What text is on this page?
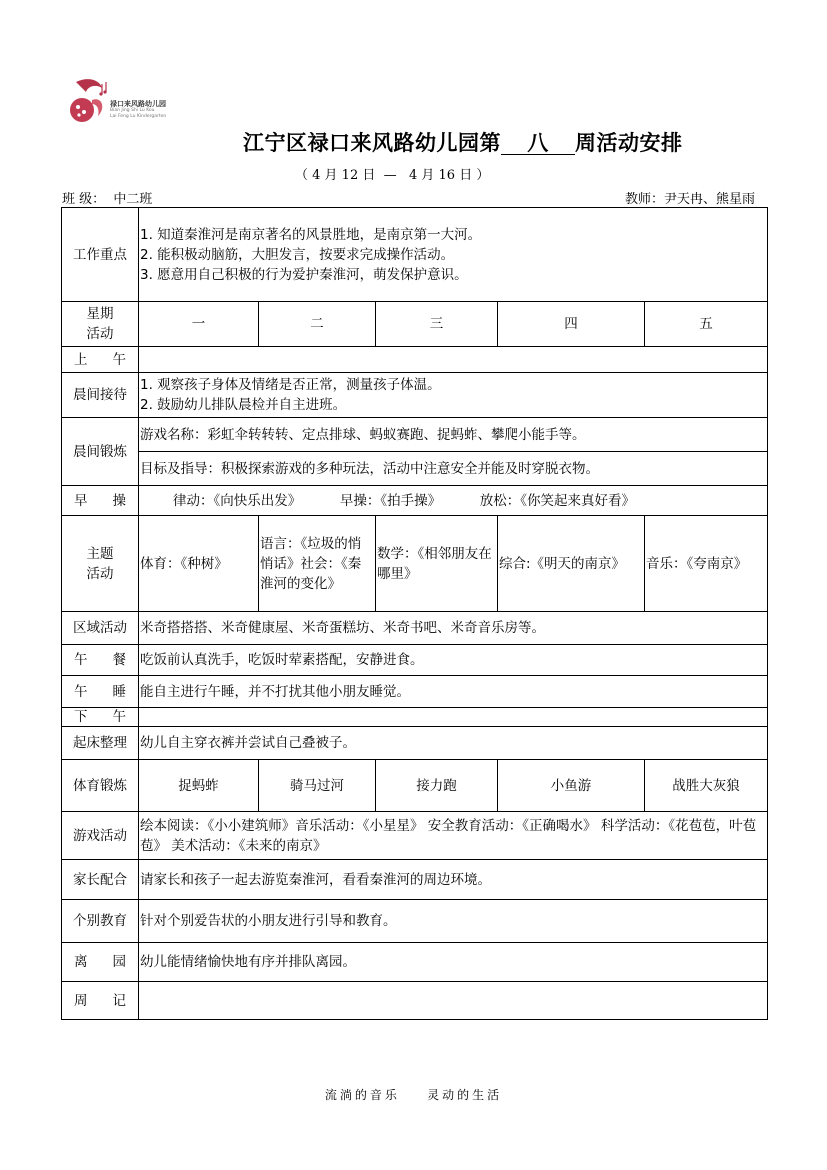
禄口来风路幼儿园
Bian Jing Shi Lu Kou
Lai Feng Lu Kindergarten
江宁区禄口来风路幼儿园第 八 周活动安排
（ 4 月 12 日  —   4 月 16 日 ）
班 级： 中二班	教师：尹天冉、熊星雨
工作重点	1. 知道秦淮河是南京著名的风景胜地，是南京第一大河。
2. 能积极动脑筋，大胆发言，按要求完成操作活动。
3. 愿意用自己积极的行为爱护秦淮河，萌发保护意识。				

星期
活动	一	二	三	四	五
上 午					
晨间接待	1. 观察孩子身体及情绪是否正常，测量孩子体温。
2. 鼓励幼儿排队晨检并自主进班。				

晨间锻炼	游戏名称：彩虹伞转转转、定点排球、蚂蚁赛跑、捉蚂蚱、攀爬小能手等。				
	目标及指导：积极探索游戏的多种玩法，活动中注意安全并能及时穿脱衣物。				
早 操	律动：《向快乐出发》         早操：《拍手操》         放松：《你笑起来真好看》				

主题
活动	体育：《种树》	语言：《垃圾的悄悄话》社会：《秦淮河的变化》	数学：《相邻朋友在哪里》	综合:《明天的南京》	音乐：《夸南京》
区域活动	米奇搭搭搭、米奇健康屋、米奇蛋糕坊、米奇书吧、米奇音乐房等。				
午 餐	吃饭前认真洗手，吃饭时荤素搭配，安静进食。				
午 睡	能自主进行午睡，并不打扰其他小朋友睡觉。				
下 午					
起床整理	幼儿自主穿衣裤并尝试自己叠被子。				
体育锻炼	捉蚂蚱	骑马过河	接力跑	小鱼游	战胜大灰狼
游戏活动	绘本阅读：《小小建筑师》音乐活动：《小星星》 安全教育活动：《正确喝水》 科学活动：《花苞苞，叶苞苞》 美术活动：《未来的南京》				
家长配合	请家长和孩子一起去游览秦淮河，看看秦淮河的周边环境。				
个别教育	针对个别爱告状的小朋友进行引导和教育。				
离 园	幼儿能情绪愉快地有序并排队离园。				
周 记					
流淌的音乐    灵动的生活
